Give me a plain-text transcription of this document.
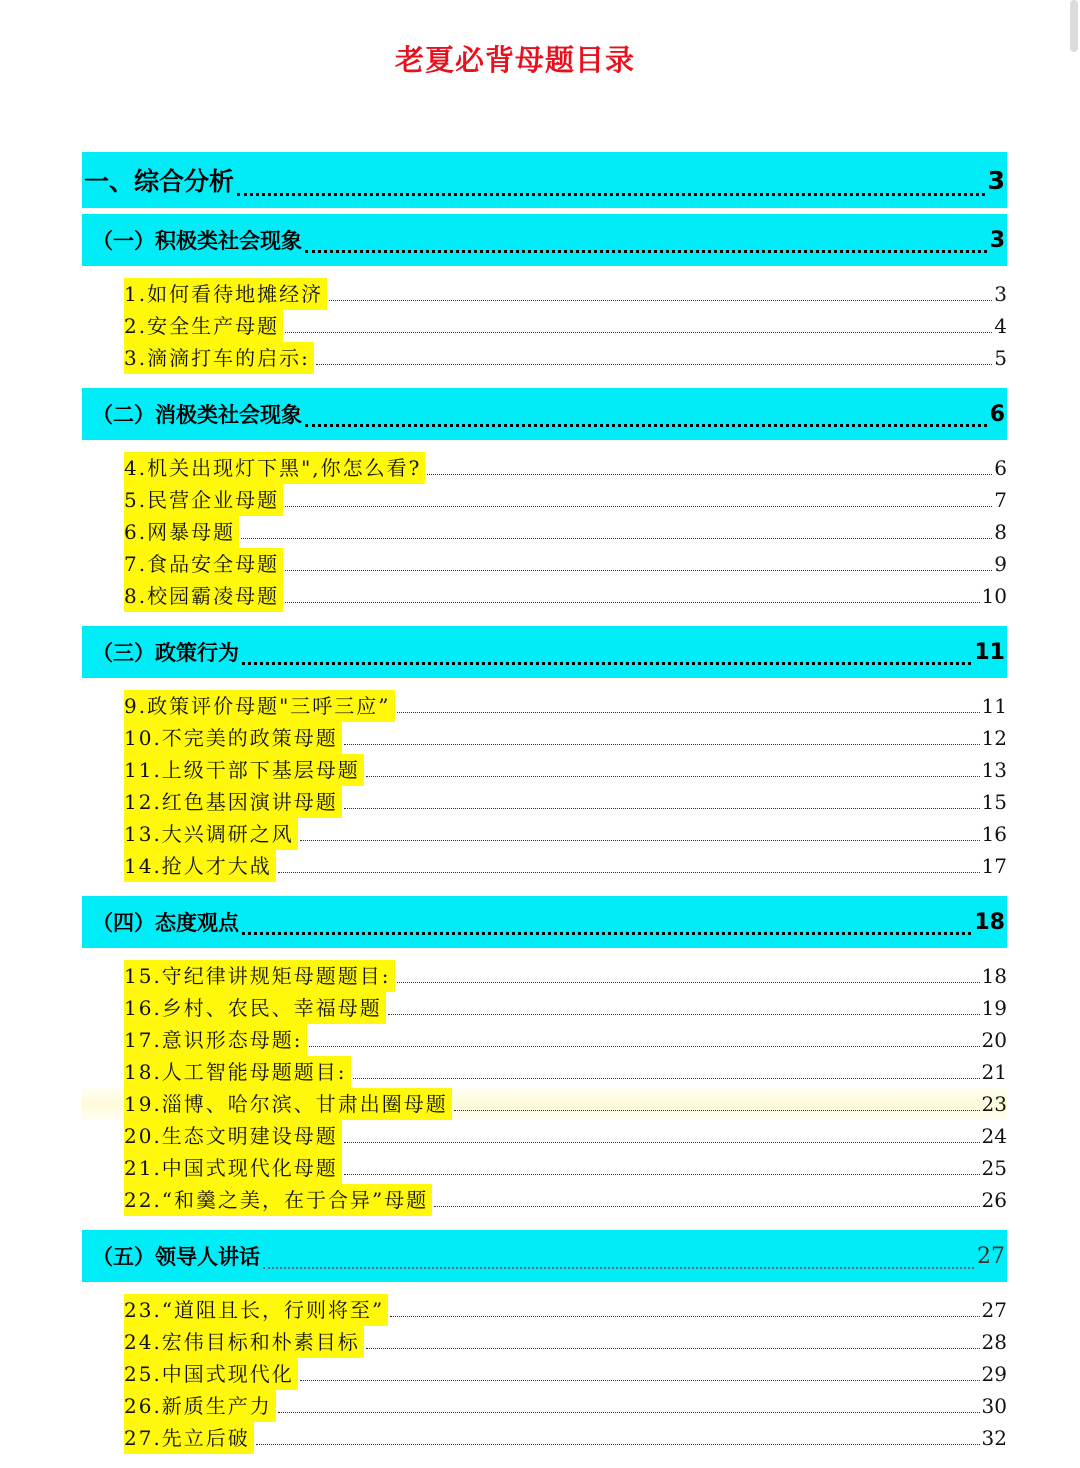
老夏必背母题目录
一、综合分析	3
（一）积极类社会现象	3
1.如何看待地摊经济	3
2.安全生产母题	4
3.滴滴打车的启示:	5
（二）消极类社会现象	6
4.机关出现灯下黑",你怎么看?	6
5.民营企业母题	7
6.网暴母题	8
7.食品安全母题	9
8.校园霸凌母题	10
（三）政策行为	11
9.政策评价母题"三呼三应”	11
10.不完美的政策母题	12
11.上级干部下基层母题	13
12.红色基因演讲母题	15
13.大兴调研之风	16
14.抢人才大战	17
（四）态度观点	18
15.守纪律讲规矩母题题目:	18
16.乡村、农民、幸福母题	19
17.意识形态母题:	20
18.人工智能母题题目:	21
19.淄博、哈尔滨、甘肃出圈母题	23
20.生态文明建设母题	24
21.中国式现代化母题	25
22.“和羹之美，在于合异”母题	26
（五）领导人讲话	27
23.“道阻且长，行则将至”	27
24.宏伟目标和朴素目标	28
25.中国式现代化	29
26.新质生产力	30
27.先立后破	32
